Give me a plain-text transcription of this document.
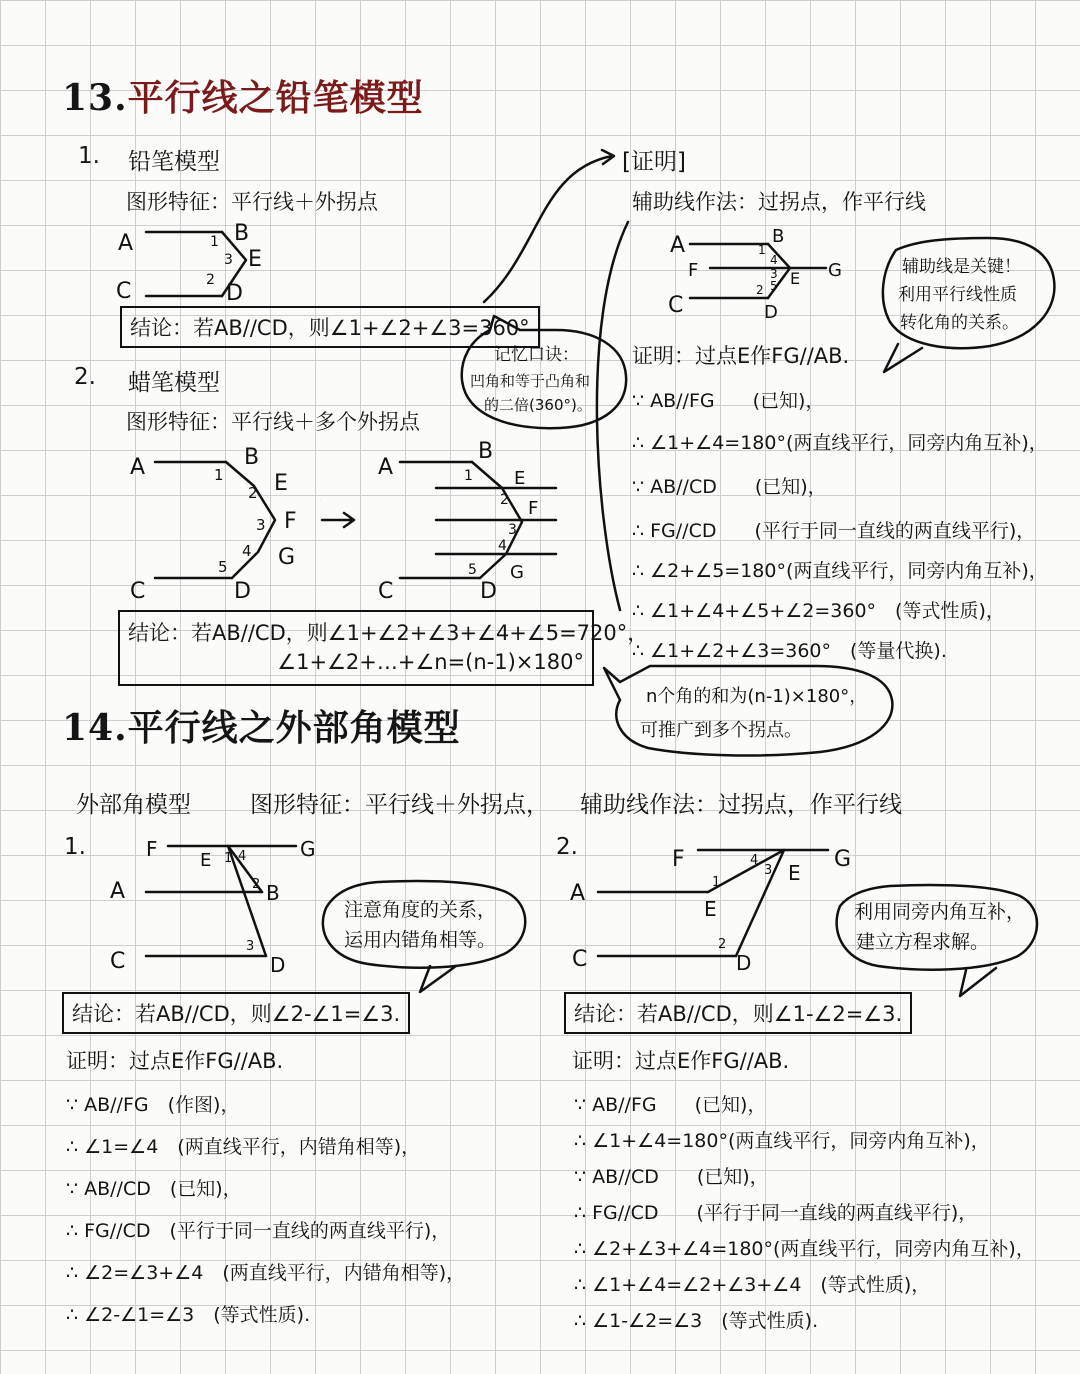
13.平行线之铅笔模型
1. 铅笔模型
图形特征：平行线＋外拐点
结论：若AB//CD，则∠1+∠2+∠3=360°
2. 蜡笔模型
图形特征：平行线＋多个外拐点
结论：若AB//CD，则∠1+∠2+∠3+∠4+∠5=720°，
∠1+∠2+…+∠n=(n-1)×180°
[证明]
辅助线作法：过拐点，作平行线
证明：过点E作FG//AB.
∵ AB//FG　　(已知)，
∴ ∠1+∠4=180°(两直线平行，同旁内角互补)，
∵ AB//CD　　(已知)，
∴ FG//CD　　(平行于同一直线的两直线平行)，
∴ ∠2+∠5=180°(两直线平行，同旁内角互补)，
∴ ∠1+∠4+∠5+∠2=360°　(等式性质)，
∴ ∠1+∠2+∠3=360°　(等量代换).
14.平行线之外部角模型
外部角模型	图形特征：平行线＋外拐点， 辅助线作法：过拐点，作平行线
1.	2.
结论：若AB//CD，则∠2-∠1=∠3.	结论：若AB//CD，则∠1-∠2=∠3.
证明：过点E作FG//AB.
∵ AB//FG　(作图)，
∴ ∠1=∠4　(两直线平行，内错角相等)，
∵ AB//CD　(已知)，
∴ FG//CD　(平行于同一直线的两直线平行)，
∴ ∠2=∠3+∠4　(两直线平行，内错角相等)，
∴ ∠2-∠1=∠3　(等式性质).
证明：过点E作FG//AB.
∵ AB//FG　　(已知)，
∴ ∠1+∠4=180°(两直线平行，同旁内角互补)，
∵ AB//CD　　(已知)，
∴ FG//CD　　(平行于同一直线的两直线平行)，
∴ ∠2+∠3+∠4=180°(两直线平行，同旁内角互补)，
∴ ∠1+∠4=∠2+∠3+∠4　(等式性质)，
∴ ∠1-∠2=∠3　(等式性质).
A	B
E
C	D
1
2
3
A	B
E
F
G
C	D
1
2
3
4
5
A
B
E
F
G
C	D
1
2
3
4
5
→
A	B
F	G
E
C	D
1
2
3
4
5
F E	G
A	B
C	D
1
2
3
4	F	G
E
E
A
C	D
1
2
3
4
记忆口诀：
凹角和等于凸角和
的二倍(360°)。
辅助线是关键！
利用平行线性质
转化角的关系。
n个角的和为(n-1)×180°，
可推广到多个拐点。
注意角度的关系，
运用内错角相等。
利用同旁内角互补，
建立方程求解。
